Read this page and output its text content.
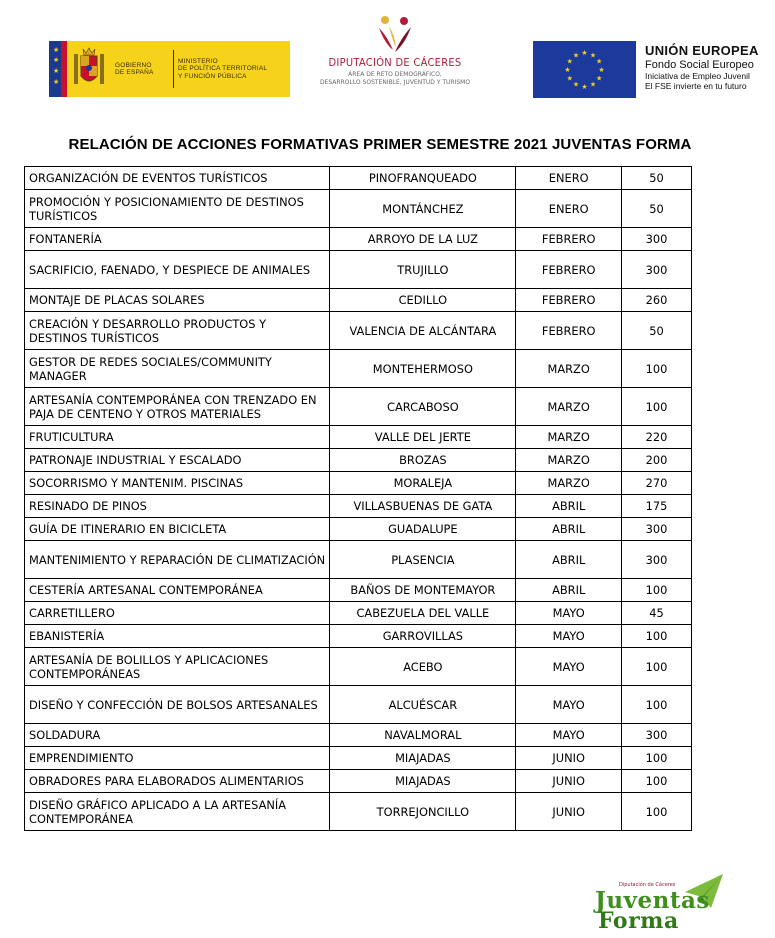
★
★
★
★
GOBIERNO
DE ESPAÑA
MINISTERIO
DE POLÍTICA TERRITORIAL
Y FUNCIÓN PÚBLICA
DIPUTACIÓN DE CÁCERES
ÁREA DE RETO DEMOGRÁFICO,
DESARROLLO SOSTENIBLE, JUVENTUD Y TURISMO
★ ★
★
★
★
★
★
★
★
★
★
★	UNIÓN EUROPEA
Fondo Social Europeo
Iniciativa de Empleo Juvenil
El FSE invierte en tu futuro
RELACIÓN DE ACCIONES FORMATIVAS PRIMER SEMESTRE 2021 JUVENTAS FORMA
ORGANIZACIÓN DE EVENTOS TURÍSTICOS	PINOFRANQUEADO	ENERO	50
PROMOCIÓN Y POSICIONAMIENTO DE DESTINOS TURÍSTICOS	MONTÁNCHEZ	ENERO	50
FONTANERÍA	ARROYO DE LA LUZ	FEBRERO	300
SACRIFICIO, FAENADO, Y DESPIECE DE ANIMALES	TRUJILLO	FEBRERO	300
MONTAJE DE PLACAS SOLARES	CEDILLO	FEBRERO	260
CREACIÓN Y DESARROLLO PRODUCTOS Y DESTINOS TURÍSTICOS	VALENCIA DE ALCÁNTARA	FEBRERO	50
GESTOR DE REDES SOCIALES/COMMUNITY MANAGER	MONTEHERMOSO	MARZO	100
ARTESANÍA CONTEMPORÁNEA CON TRENZADO EN PAJA DE CENTENO Y OTROS MATERIALES	CARCABOSO	MARZO	100
FRUTICULTURA	VALLE DEL JERTE	MARZO	220
PATRONAJE INDUSTRIAL Y ESCALADO	BROZAS	MARZO	200
SOCORRISMO Y MANTENIM. PISCINAS	MORALEJA	MARZO	270
RESINADO DE PINOS	VILLASBUENAS DE GATA	ABRIL	175
GUÍA DE ITINERARIO EN BICICLETA	GUADALUPE	ABRIL	300
MANTENIMIENTO Y REPARACIÓN DE CLIMATIZACIÓN	PLASENCIA	ABRIL	300
CESTERÍA ARTESANAL CONTEMPORÁNEA	BAÑOS DE MONTEMAYOR	ABRIL	100
CARRETILLERO	CABEZUELA DEL VALLE	MAYO	45
EBANISTERÍA	GARROVILLAS	MAYO	100
ARTESANÍA DE BOLILLOS Y APLICACIONES CONTEMPORÁNEAS	ACEBO	MAYO	100
DISEÑO Y CONFECCIÓN DE BOLSOS ARTESANALES	ALCUÉSCAR	MAYO	100
SOLDADURA	NAVALMORAL	MAYO	300
EMPRENDIMIENTO	MIAJADAS	JUNIO	100
OBRADORES PARA ELABORADOS ALIMENTARIOS	MIAJADAS	JUNIO	100
DISEÑO GRÁFICO APLICADO A LA ARTESANÍA CONTEMPORÁNEA	TORREJONCILLO	JUNIO	100
Diputación de Cáceres
Juventas
Forma
